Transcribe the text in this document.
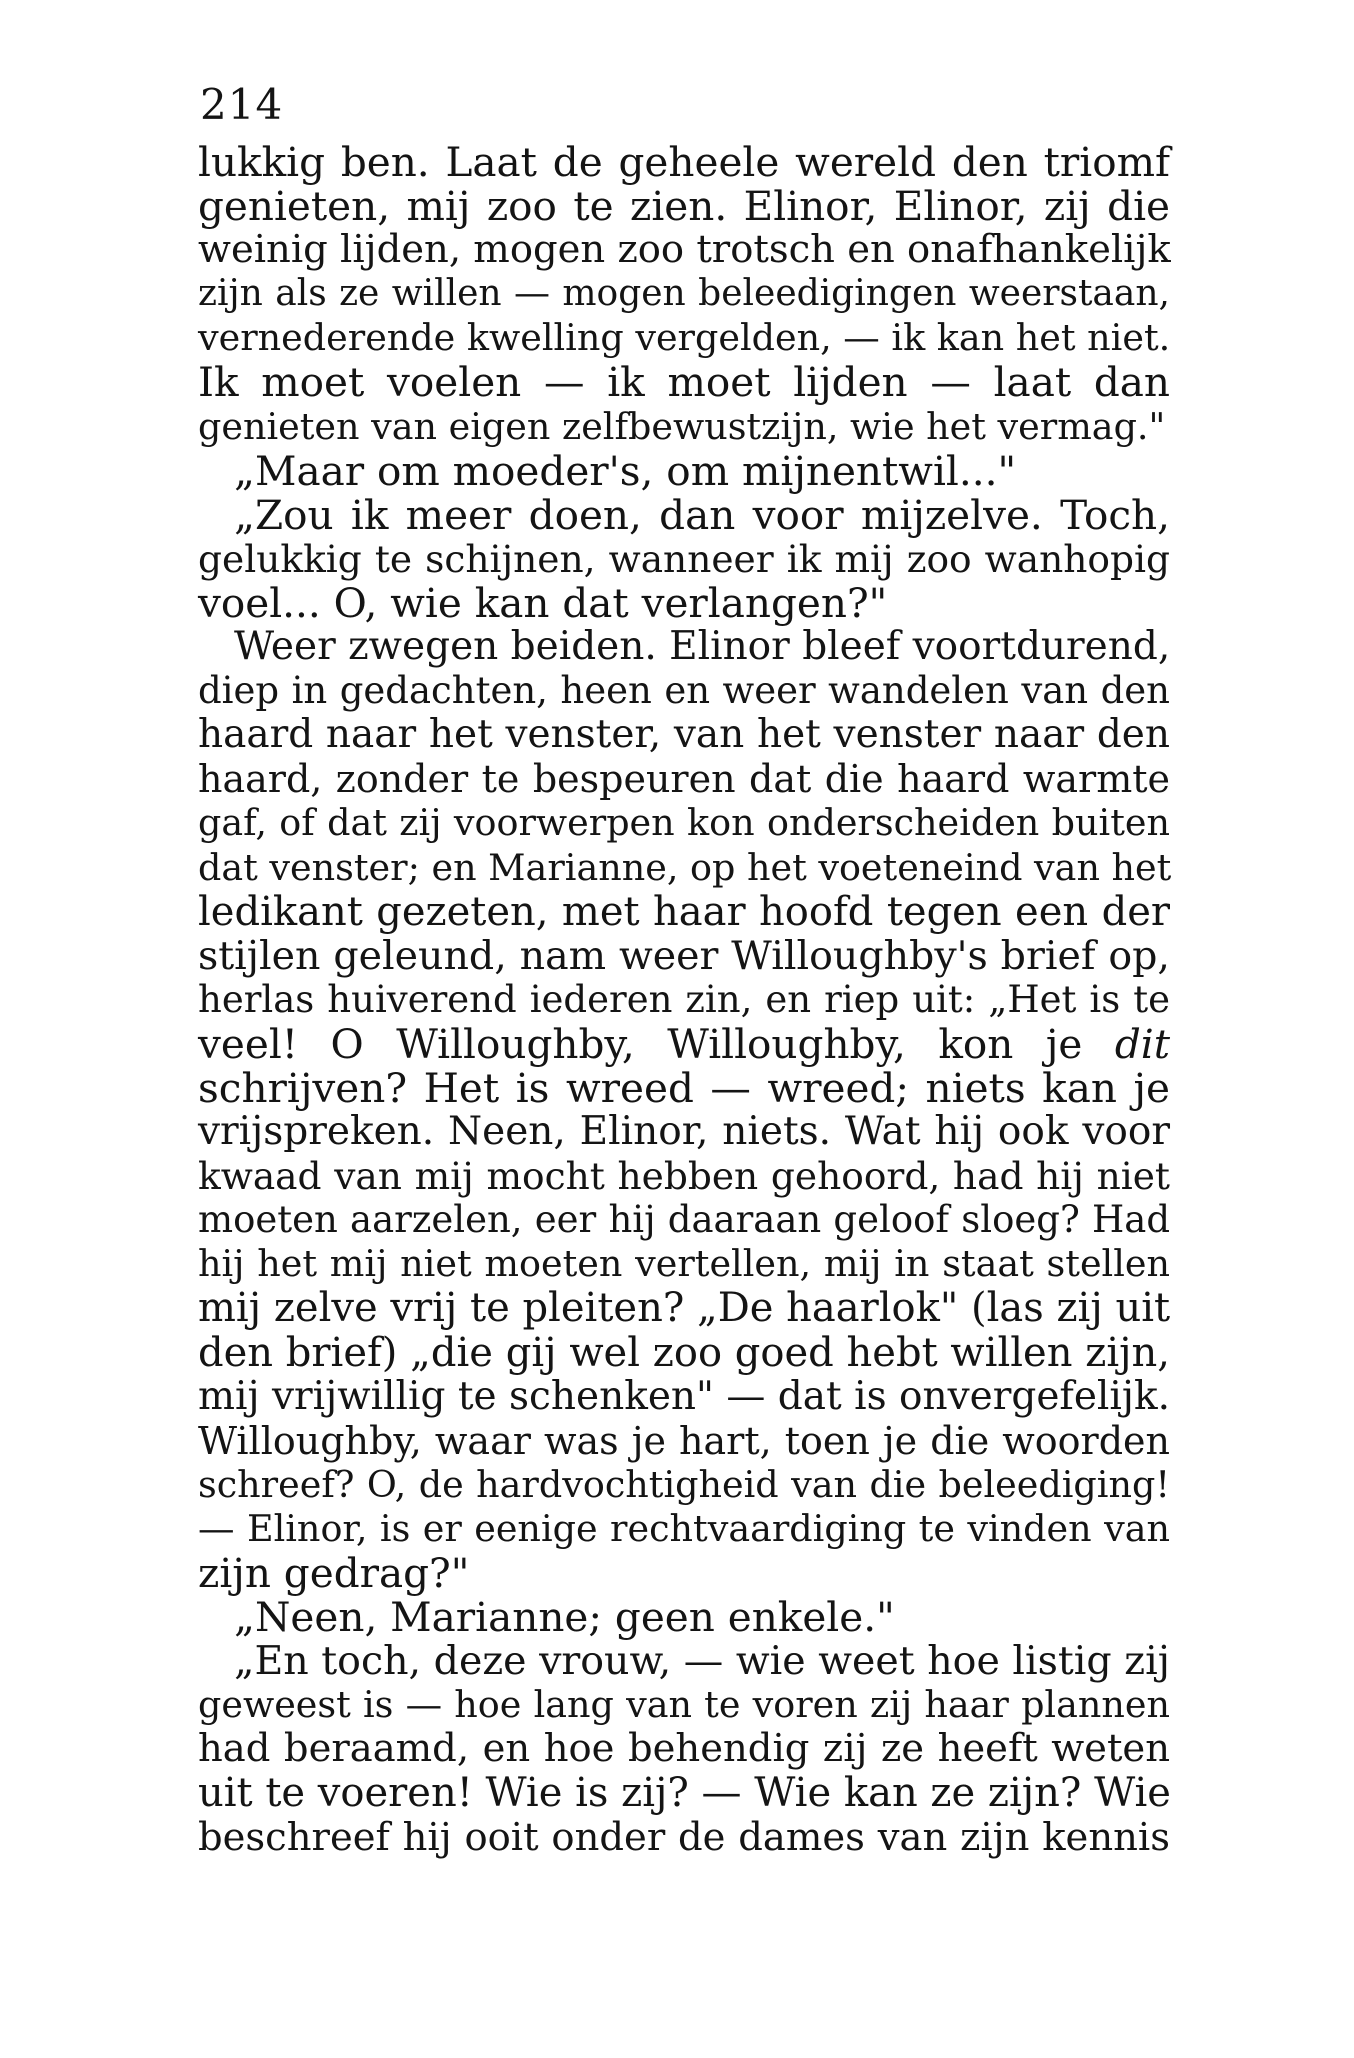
214
lukkig ben. Laat de geheele wereld den triomf
genieten, mij zoo te zien. Elinor, Elinor, zij die
weinig lijden, mogen zoo trotsch en onafhankelijk
zijn als ze willen — mogen beleedigingen weerstaan,
vernederende kwelling vergelden, — ik kan het niet.
Ik moet voelen — ik moet lijden — laat dan
genieten van eigen zelfbewustzijn, wie het vermag."
„Maar om moeder's, om mijnentwil..."
„Zou ik meer doen, dan voor mijzelve. Toch,
gelukkig te schijnen, wanneer ik mij zoo wanhopig
voel... O, wie kan dat verlangen?"
Weer zwegen beiden. Elinor bleef voortdurend,
diep in gedachten, heen en weer wandelen van den
haard naar het venster, van het venster naar den
haard, zonder te bespeuren dat die haard warmte
gaf, of dat zij voorwerpen kon onderscheiden buiten
dat venster; en Marianne, op het voeteneind van het
ledikant gezeten, met haar hoofd tegen een der
stijlen geleund, nam weer Willoughby's brief op,
herlas huiverend iederen zin, en riep uit: „Het is te
veel! O Willoughby, Willoughby, kon je dit
schrijven? Het is wreed — wreed; niets kan je
vrijspreken. Neen, Elinor, niets. Wat hij ook voor
kwaad van mij mocht hebben gehoord, had hij niet
moeten aarzelen, eer hij daaraan geloof sloeg? Had
hij het mij niet moeten vertellen, mij in staat stellen
mij zelve vrij te pleiten? „De haarlok" (las zij uit
den brief) „die gij wel zoo goed hebt willen zijn,
mij vrijwillig te schenken" — dat is onvergefelijk.
Willoughby, waar was je hart, toen je die woorden
schreef? O, de hardvochtigheid van die beleediging!
— Elinor, is er eenige rechtvaardiging te vinden van
zijn gedrag?"
„Neen, Marianne; geen enkele."
„En toch, deze vrouw, — wie weet hoe listig zij
geweest is — hoe lang van te voren zij haar plannen
had beraamd, en hoe behendig zij ze heeft weten
uit te voeren! Wie is zij? — Wie kan ze zijn? Wie
beschreef hij ooit onder de dames van zijn kennis
